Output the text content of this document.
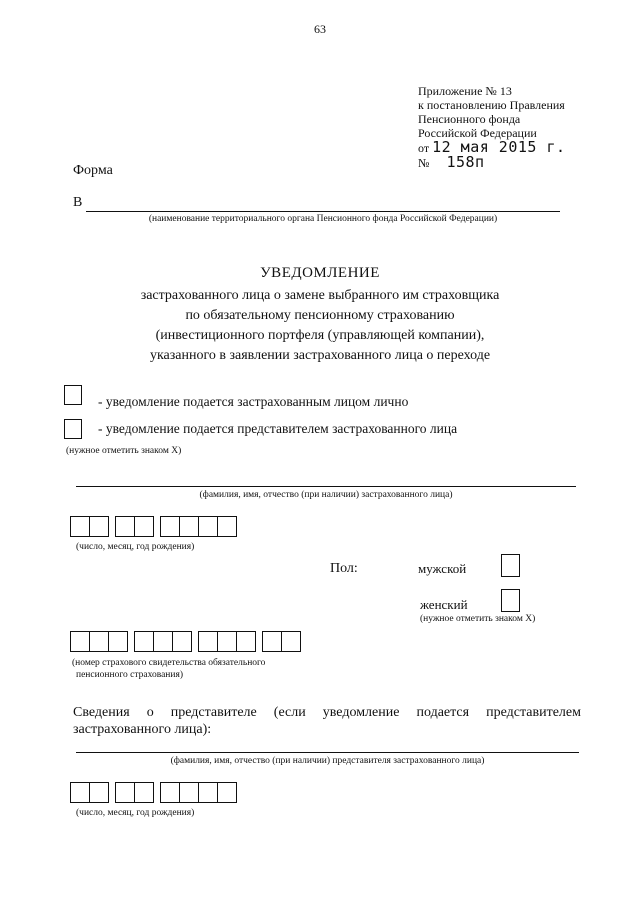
63
Приложение № 13
к постановлению Правления
Пенсионного фонда
Российской Федерации
от 12 мая 2015 г.
№ 158п
Форма
В
(наименование территориального органа Пенсионного фонда Российской Федерации)
УВЕДОМЛЕНИЕ
застрахованного лица о замене выбранного им страховщика
по обязательному пенсионному страхованию
(инвестиционного портфеля (управляющей компании),
указанного в заявлении застрахованного лица о переходе
- уведомление подается застрахованным лицом лично
- уведомление подается представителем застрахованного лица
(нужное отметить знаком X)
(фамилия, имя, отчество (при наличии) застрахованного лица)
(число, месяц, год рождения)
Пол:	мужской
женский
(нужное отметить знаком X)
(номер страхового свидетельства обязательного
пенсионного страхования)
Сведения о представителе (если уведомление подается представителем
застрахованного лица):
(фамилия, имя, отчество (при наличии) представителя застрахованного лица)
(число, месяц, год рождения)
